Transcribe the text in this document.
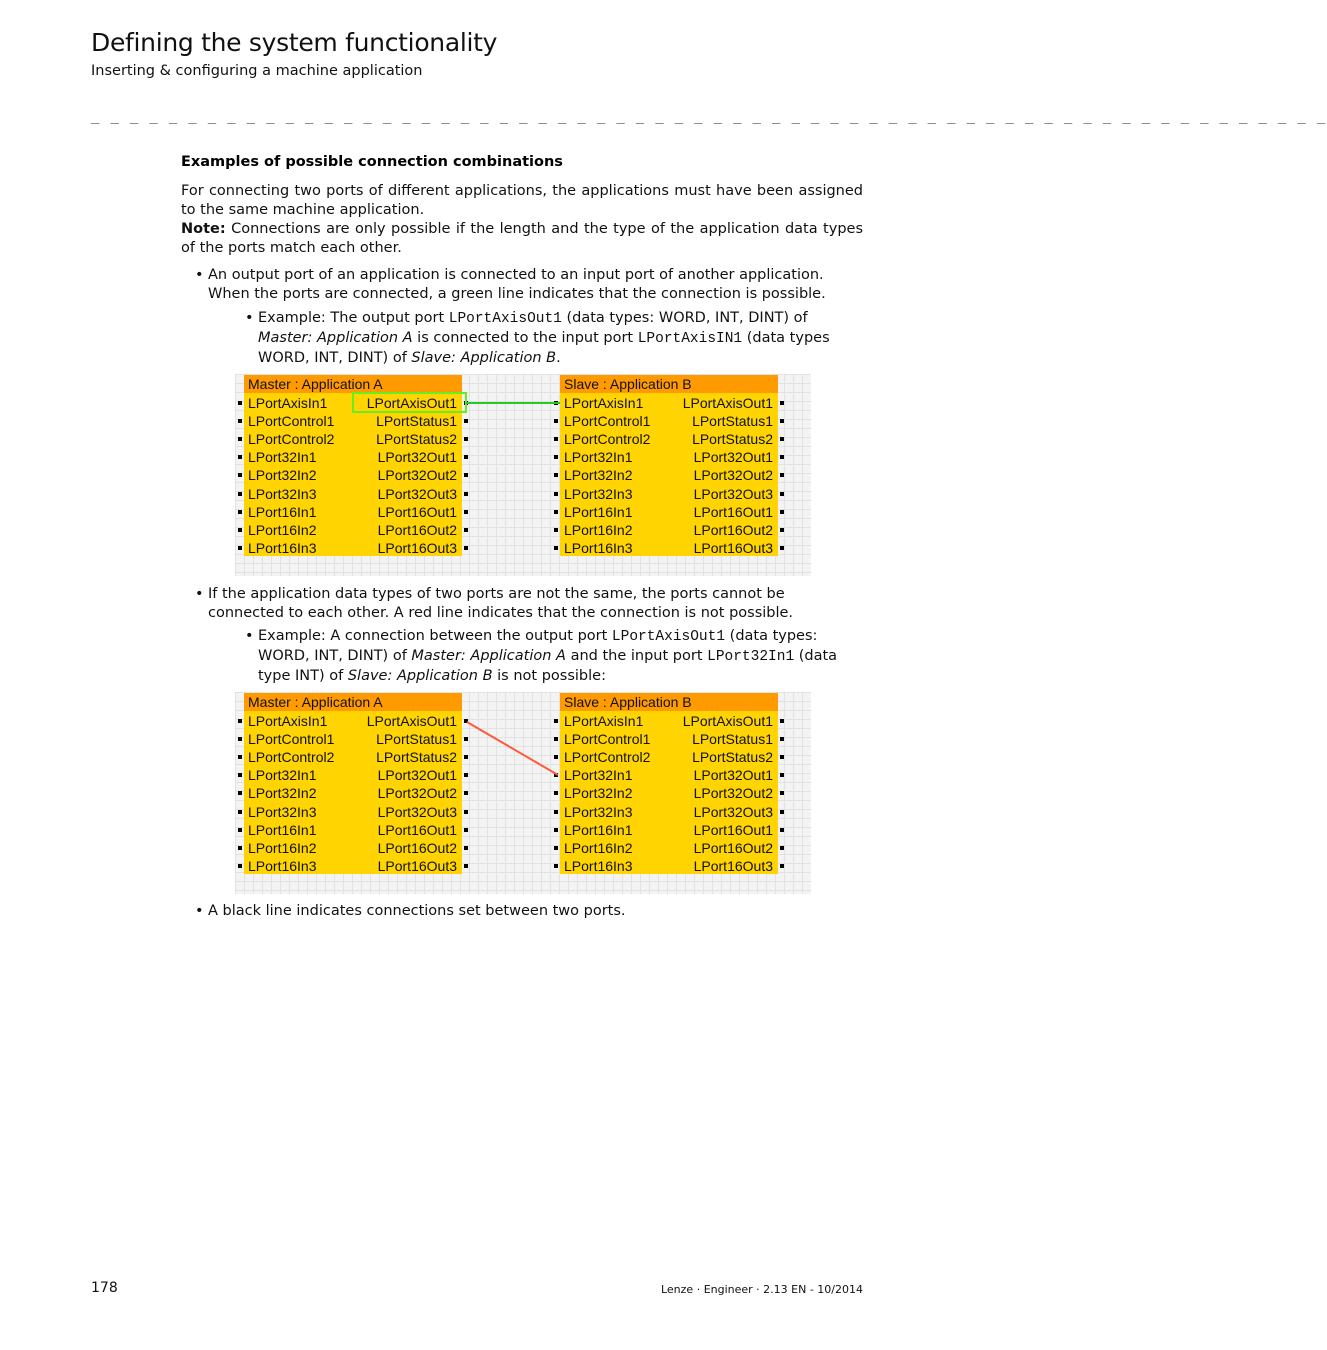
Defining the system functionality
Inserting & configuring a machine application
_ _ _ _ _ _ _ _ _ _ _ _ _ _ _ _ _ _ _ _ _ _ _ _ _ _ _ _ _ _ _ _ _ _ _ _ _ _ _ _ _ _ _ _ _ _ _ _ _ _ _ _ _ _ _ _ _ _ _ _ _ _ _ _
Examples of possible connection combinations
For connecting two ports of different applications, the applications must have been assigned to the same machine application.
Note: Connections are only possible if the length and the type of the application data types of the ports match each other.
• An output port of an application is connected to an input port of another application. When the ports are connected, a green line indicates that the connection is possible.
• Example: The output port LPortAxisOut1 (data types: WORD, INT, DINT) of Master: Application A is connected to the input port LPortAxisIN1 (data types WORD, INT, DINT) of Slave: Application B.
Master : Application A
LPortAxisIn1	LPortAxisOut1
LPortControl1	LPortStatus1
LPortControl2	LPortStatus2
LPort32In1	LPort32Out1
LPort32In2	LPort32Out2
LPort32In3	LPort32Out3
LPort16In1	LPort16Out1
LPort16In2	LPort16Out2
LPort16In3	LPort16Out3
Slave : Application B
LPortAxisIn1	LPortAxisOut1
LPortControl1	LPortStatus1
LPortControl2	LPortStatus2
LPort32In1	LPort32Out1
LPort32In2	LPort32Out2
LPort32In3	LPort32Out3
LPort16In1	LPort16Out1
LPort16In2	LPort16Out2
LPort16In3	LPort16Out3
• If the application data types of two ports are not the same, the ports cannot be connected to each other. A red line indicates that the connection is not possible.
• Example: A connection between the output port LPortAxisOut1 (data types: WORD, INT, DINT) of Master: Application A and the input port LPort32In1 (data type INT) of Slave: Application B is not possible:
Master : Application A
LPortAxisIn1	LPortAxisOut1
LPortControl1	LPortStatus1
LPortControl2	LPortStatus2
LPort32In1	LPort32Out1
LPort32In2	LPort32Out2
LPort32In3	LPort32Out3
LPort16In1	LPort16Out1
LPort16In2	LPort16Out2
LPort16In3	LPort16Out3
Slave : Application B
LPortAxisIn1	LPortAxisOut1
LPortControl1	LPortStatus1
LPortControl2	LPortStatus2
LPort32In1	LPort32Out1
LPort32In2	LPort32Out2
LPort32In3	LPort32Out3
LPort16In1	LPort16Out1
LPort16In2	LPort16Out2
LPort16In3	LPort16Out3
• A black line indicates connections set between two ports.
178	Lenze · Engineer · 2.13 EN - 10/2014
